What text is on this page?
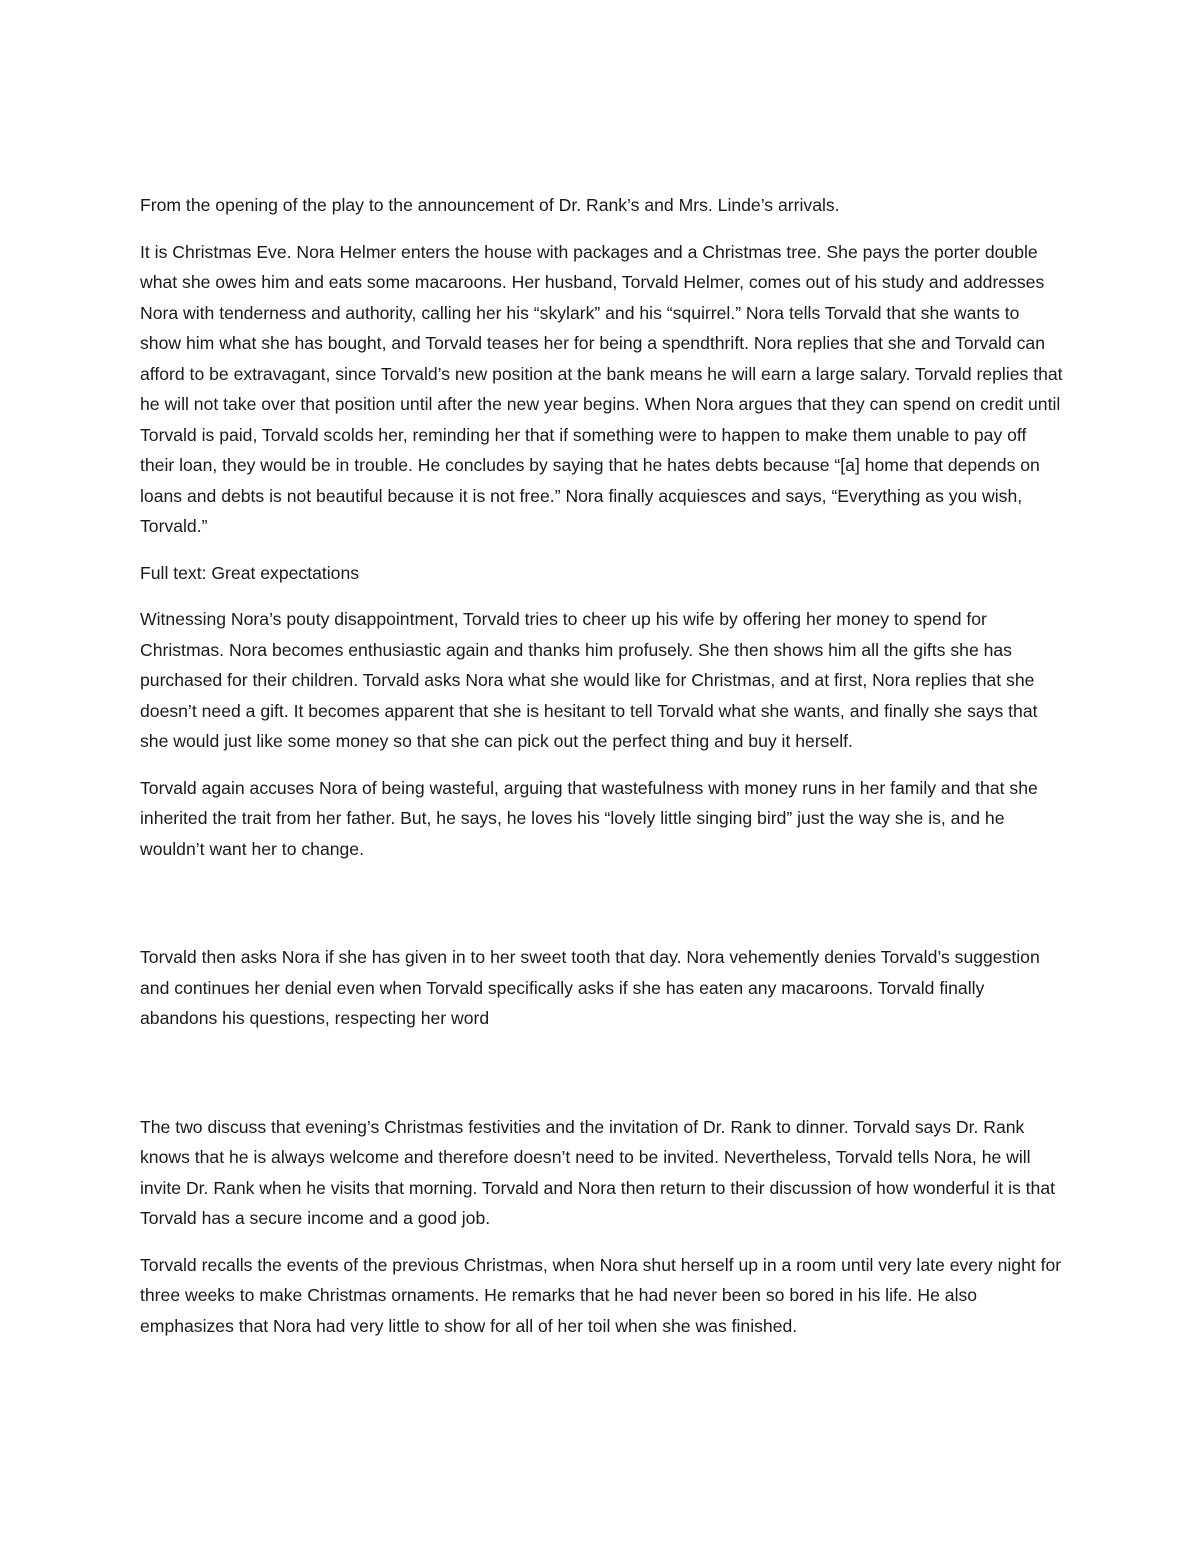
From the opening of the play to the announcement of Dr. Rank’s and Mrs. Linde’s arrivals.

It is Christmas Eve. Nora Helmer enters the house with packages and a Christmas tree. She pays the porter double what she owes him and eats some macaroons. Her husband, Torvald Helmer, comes out of his study and addresses Nora with tenderness and authority, calling her his “skylark” and his “squirrel.” Nora tells Torvald that she wants to show him what she has bought, and Torvald teases her for being a spendthrift. Nora replies that she and Torvald can afford to be extravagant, since Torvald’s new position at the bank means he will earn a large salary. Torvald replies that he will not take over that position until after the new year begins. When Nora argues that they can spend on credit until Torvald is paid, Torvald scolds her, reminding her that if something were to happen to make them unable to pay off their loan, they would be in trouble. He concludes by saying that he hates debts because “[a] home that depends on loans and debts is not beautiful because it is not free.” Nora finally acquiesces and says, “Everything as you wish, Torvald.”

Full text: Great expectations

Witnessing Nora’s pouty disappointment, Torvald tries to cheer up his wife by offering her money to spend for Christmas. Nora becomes enthusiastic again and thanks him profusely. She then shows him all the gifts she has purchased for their children. Torvald asks Nora what she would like for Christmas, and at first, Nora replies that she doesn’t need a gift. It becomes apparent that she is hesitant to tell Torvald what she wants, and finally she says that she would just like some money so that she can pick out the perfect thing and buy it herself.

Torvald again accuses Nora of being wasteful, arguing that wastefulness with money runs in her family and that she inherited the trait from her father. But, he says, he loves his “lovely little singing bird” just the way she is, and he wouldn’t want her to change.

Torvald then asks Nora if she has given in to her sweet tooth that day. Nora vehemently denies Torvald’s suggestion and continues her denial even when Torvald specifically asks if she has eaten any macaroons. Torvald finally abandons his questions, respecting her word

The two discuss that evening’s Christmas festivities and the invitation of Dr. Rank to dinner. Torvald says Dr. Rank knows that he is always welcome and therefore doesn’t need to be invited. Nevertheless, Torvald tells Nora, he will invite Dr. Rank when he visits that morning. Torvald and Nora then return to their discussion of how wonderful it is that Torvald has a secure income and a good job.

Torvald recalls the events of the previous Christmas, when Nora shut herself up in a room until very late every night for three weeks to make Christmas ornaments. He remarks that he had never been so bored in his life. He also emphasizes that Nora had very little to show for all of her toil when she was finished.
